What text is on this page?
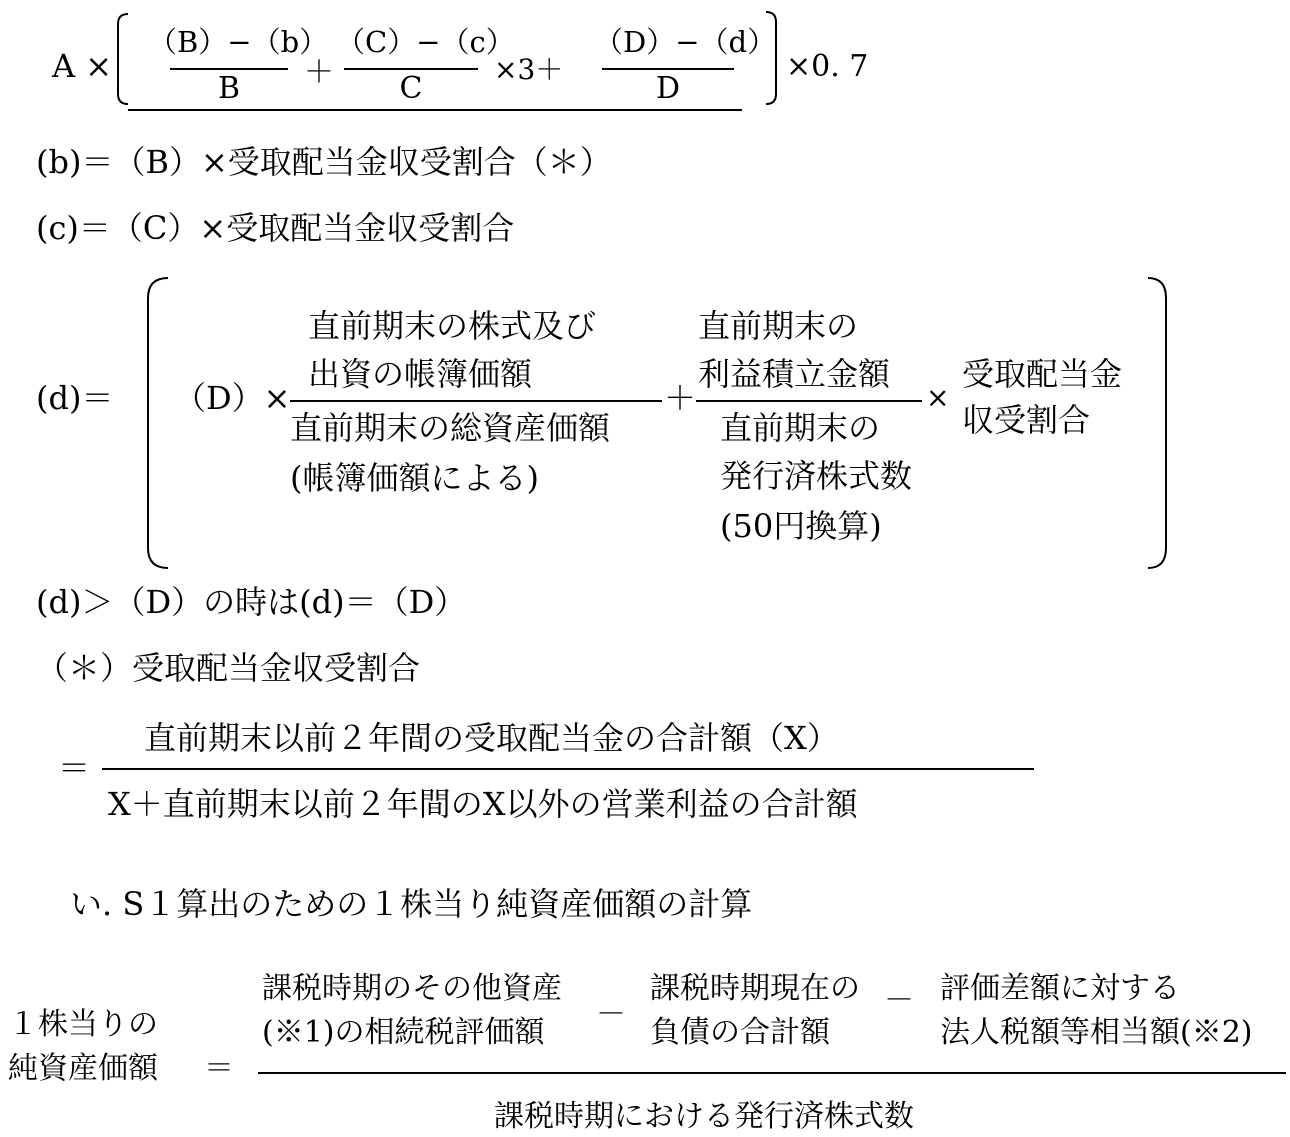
A ×
（B）−（b）
B	＋
（C）−（c）
C
×3＋
（D）−（d）
D
×0. 7
(b)＝（B）×受取配当金収受割合（＊）
(c)＝（C）×受取配当金収受割合
(d)＝ （D）×
直前期末の株式及び
出資の帳簿価額
直前期末の総資産価額
(帳簿価額による)
＋
直前期末の
利益積立金額
直前期末の
発行済株式数
(50円換算)
×
受取配当金
収受割合
(d)＞（D）の時は(d)＝（D）
（＊）受取配当金収受割合
＝
直前期末以前２年間の受取配当金の合計額（X）
X＋直前期末以前２年間のX以外の営業利益の合計額
い. S１算出のための１株当り純資産価額の計算
１株当りの
純資産価額 ＝
課税時期のその他資産
(※1)の相続税評価額
－
課税時期現在の
負債の合計額
－ 評価差額に対する
法人税額等相当額(※2)
課税時期における発行済株式数
